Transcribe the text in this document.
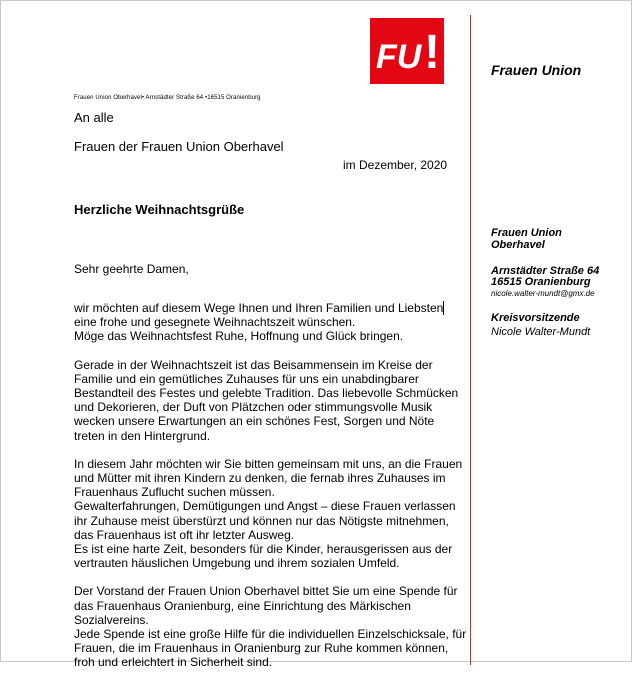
FU !
Frauen Union Oberhavel• Arnstädter Straße 64 •16515 Oranienburg
An alle
Frauen der Frauen Union Oberhavel
im Dezember, 2020
Herzliche Weihnachtsgrüße
Sehr geehrte Damen,

wir möchten auf diesem Wege Ihnen und Ihren Familien und Liebsten
eine frohe und gesegnete Weihnachtszeit wünschen.
Möge das Weihnachtsfest Ruhe, Hoffnung und Glück bringen.

Gerade in der Weihnachtszeit ist das Beisammensein im Kreise der
Familie und ein gemütliches Zuhauses für uns ein unabdingbarer
Bestandteil des Festes und gelebte Tradition. Das liebevolle Schmücken
und Dekorieren, der Duft von Plätzchen oder stimmungsvolle Musik
wecken unsere Erwartungen an ein schönes Fest, Sorgen und Nöte
treten in den Hintergrund.

In diesem Jahr möchten wir Sie bitten gemeinsam mit uns, an die Frauen
und Mütter mit ihren Kindern zu denken, die fernab ihres Zuhauses im
Frauenhaus Zuflucht suchen müssen.
Gewalterfahrungen, Demütigungen und Angst – diese Frauen verlassen
ihr Zuhause meist überstürzt und können nur das Nötigste mitnehmen,
das Frauenhaus ist oft ihr letzter Ausweg.
Es ist eine harte Zeit, besonders für die Kinder, herausgerissen aus der
vertrauten häuslichen Umgebung und ihrem sozialen Umfeld.

Der Vorstand der Frauen Union Oberhavel bittet Sie um eine Spende für
das Frauenhaus Oranienburg, eine Einrichtung des Märkischen
Sozialvereins.
Jede Spende ist eine große Hilfe für die individuellen Einzelschicksale, für
Frauen, die im Frauenhaus in Oranienburg zur Ruhe kommen können,
froh und erleichtert in Sicherheit sind.

Frauen Union
Frauen Union
Oberhavel
Arnstädter Straße 64
16515 Oranienburg
nicole.walter-mundt@gmx.de
Kreisvorsitzende
Nicole Walter-Mundt
